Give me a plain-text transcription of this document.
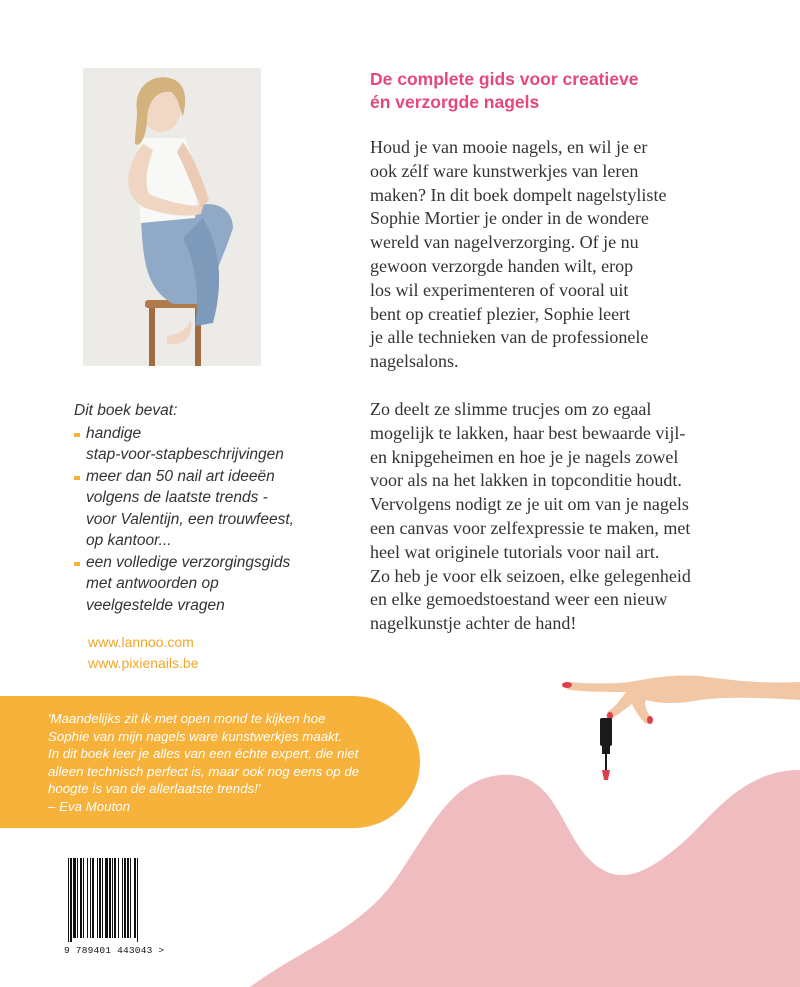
Dit boek bevat:
handige
stap-voor-stapbeschrijvingen
meer dan 50 nail art ideeën
volgens de laatste trends -
voor Valentijn, een trouwfeest,
op kantoor...
een volledige verzorgingsgids
met antwoorden op
veelgestelde vragen
www.lannoo.com
www.pixienails.be
De complete gids voor creatieve
én verzorgde nagels
Houd je van mooie nagels, en wil je er
ook zélf ware kunstwerkjes van leren
maken? In dit boek dompelt nagelstyliste
Sophie Mortier je onder in de wondere
wereld van nagelverzorging. Of je nu
gewoon verzorgde handen wilt, erop
los wil experimenteren of vooral uit
bent op creatief plezier, Sophie leert
je alle technieken van de professionele
nagelsalons.
Zo deelt ze slimme trucjes om zo egaal
mogelijk te lakken, haar best bewaarde vijl-
en knipgeheimen en hoe je je nagels zowel
voor als na het lakken in topconditie houdt.
Vervolgens nodigt ze je uit om van je nagels
een canvas voor zelfexpressie te maken, met
heel wat originele tutorials voor nail art.
Zo heb je voor elk seizoen, elke gelegenheid
en elke gemoedstoestand weer een nieuw
nagelkunstje achter de hand!
'Maandelijks zit ik met open mond te kijken hoe
Sophie van mijn nagels ware kunstwerkjes maakt.
In dit boek leer je alles van een échte expert, die niet
alleen technisch perfect is, maar ook nog eens op de
hoogte is van de allerlaatste trends!'
– Eva Mouton
9 789401 443043 >
